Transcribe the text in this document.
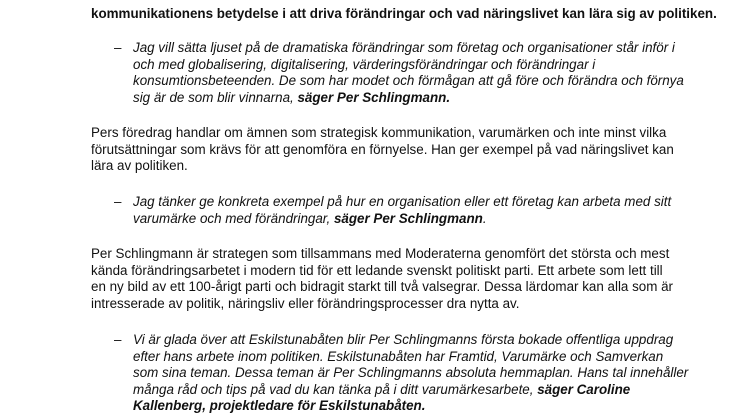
kommunikationens betydelse i att driva förändringar och vad näringslivet kan lära sig av politiken.

– Jag vill sätta ljuset på de dramatiska förändringar som företag och organisationer står inför i
och med globalisering, digitalisering, värderingsförändringar och förändringar i
konsumtionsbeteenden. De som har modet och förmågan att gå före och förändra och förnya
sig är de som blir vinnarna, säger Per Schlingmann.
Pers föredrag handlar om ämnen som strategisk kommunikation, varumärken och inte minst vilka
förutsättningar som krävs för att genomföra en förnyelse. Han ger exempel på vad näringslivet kan
lära av politiken.
– Jag tänker ge konkreta exempel på hur en organisation eller ett företag kan arbeta med sitt
varumärke och med förändringar, säger Per Schlingmann.
Per Schlingmann är strategen som tillsammans med Moderaterna genomfört det största och mest
kända förändringsarbetet i modern tid för ett ledande svenskt politiskt parti. Ett arbete som lett till
en ny bild av ett 100-årigt parti och bidragit starkt till två valsegrar. Dessa lärdomar kan alla som är
intresserade av politik, näringsliv eller förändringsprocesser dra nytta av.
– Vi är glada över att Eskilstunabåten blir Per Schlingmanns första bokade offentliga uppdrag
efter hans arbete inom politiken. Eskilstunabåten har Framtid, Varumärke och Samverkan
som sina teman. Dessa teman är Per Schlingmanns absoluta hemmaplan. Hans tal innehåller
många råd och tips på vad du kan tänka på i ditt varumärkesarbete, säger Caroline
Kallenberg, projektledare för Eskilstunabåten.
